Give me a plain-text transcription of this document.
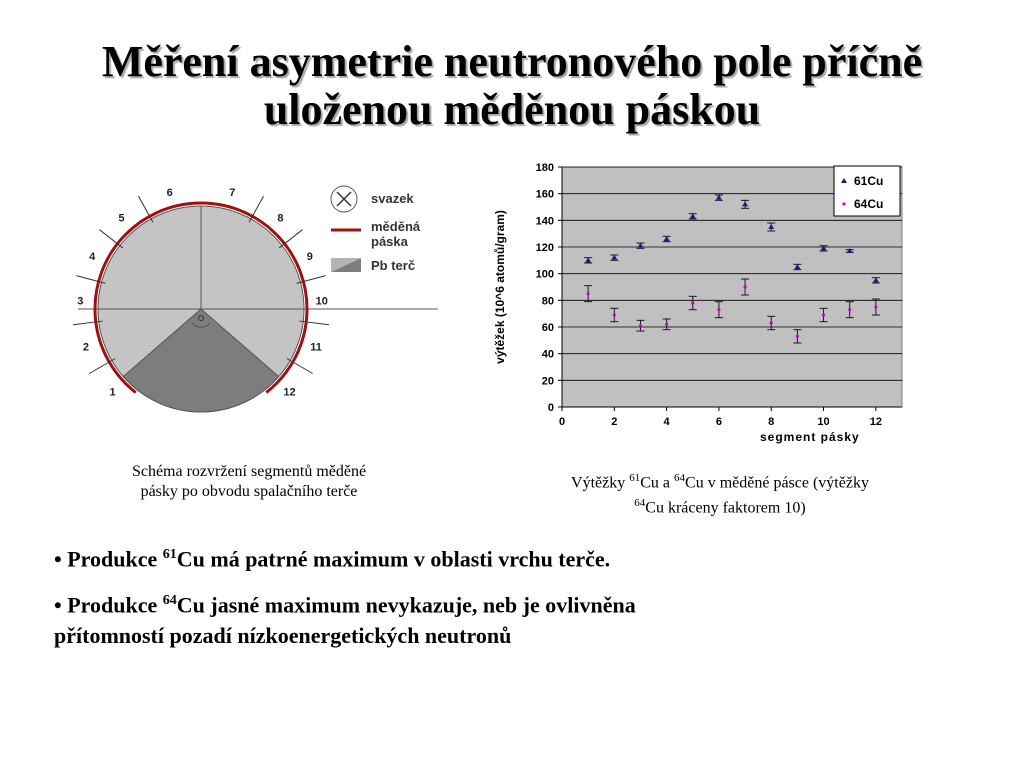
Měření asymetrie neutronového pole příčně
uloženou měděnou páskou
1
2
3
4
5
6	7
8
9
10
11
12
svazek
měděná
páska
Pb terč
Schéma rozvržení segmentů měděné
pásky po obvodu spalačního terče
0
20
40
60
80
100
120
140
160
180
0	2	4	6	8	10	12
segment pásky
výtěžek (10^6 atomů/gram)
61Cu
64Cu
Výtěžky $^{61}$Cu a $^{64}$Cu v měděné pásce (výtěžky
$^{64}$Cu kráceny faktorem 10)
• Produkce $^{61}$Cu má patrné maximum v oblasti vrchu terče.
• Produkce $^{64}$Cu jasné maximum nevykazuje, neb je ovlivněna
přítomností pozadí nízkoenergetických neutronů
